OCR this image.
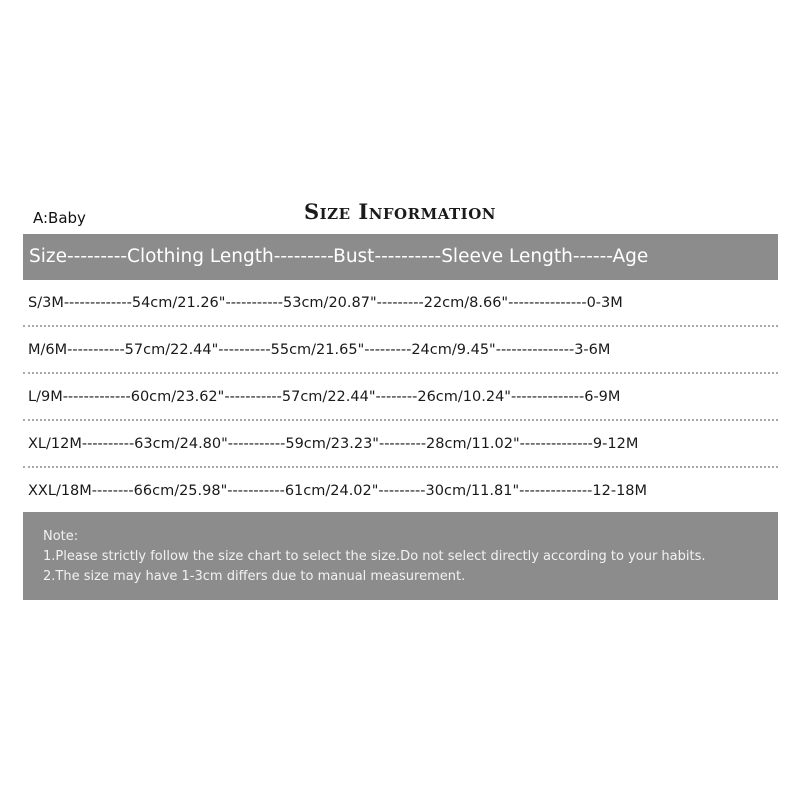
A:Baby	Size Information
Size---------Clothing Length---------Bust----------Sleeve Length------Age
S/3M-------------54cm/21.26"-----------53cm/20.87"---------22cm/8.66"---------------0-3M
M/6M-----------57cm/22.44"----------55cm/21.65"---------24cm/9.45"---------------3-6M
L/9M-------------60cm/23.62"-----------57cm/22.44"--------26cm/10.24"--------------6-9M
XL/12M----------63cm/24.80"-----------59cm/23.23"---------28cm/11.02"--------------9-12M
XXL/18M--------66cm/25.98"-----------61cm/24.02"---------30cm/11.81"--------------12-18M
Note:
1.Please strictly follow the size chart to select the size.Do not select directly according to your habits.
2.The size may have 1-3cm differs due to manual measurement.
